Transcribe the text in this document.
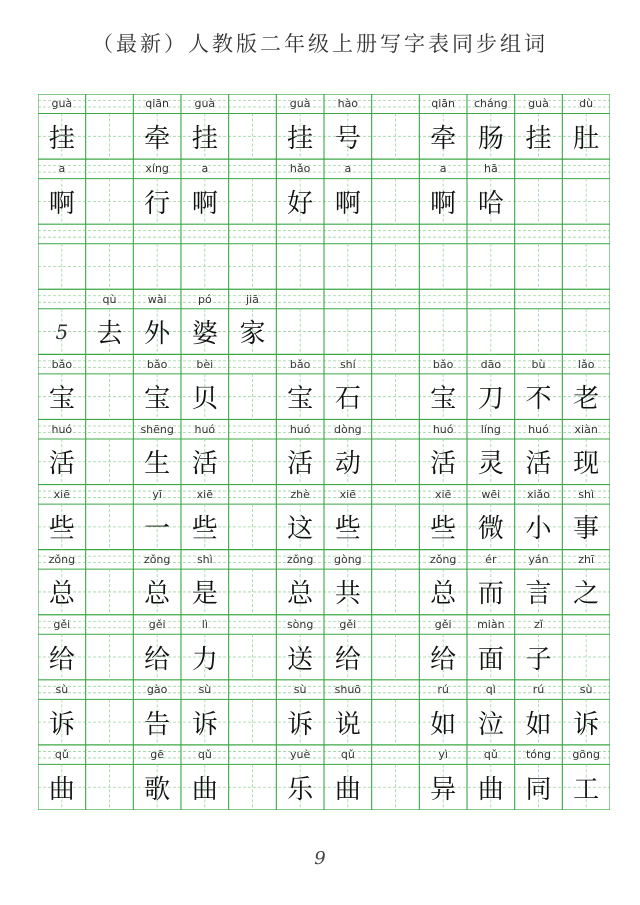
（最新）人教版二年级上册写字表同步组词
guà
挂
qiān
牵
guà
挂
guà
挂
hào
号
qiān
牵
cháng
肠
guà
挂
dù
肚
a
啊
xíng
行
a
啊
hǎo
好
a
啊
a
啊
hā
哈
5
qù
去
wài
外
pó
婆
jiā
家
bǎo
宝
bǎo
宝
bèi
贝
bǎo
宝
shí
石
bǎo
宝
dāo
刀
bù
不
lǎo
老
huó
活
shēng
生
huó
活
huó
活
dòng
动
huó
活
líng
灵
huó
活
xiàn
现
xiē
些
yī
一
xiē
些
zhè
这
xiē
些
xiē
些
wēi
微
xiǎo
小
shì
事
zǒng
总
zǒng
总
shì
是
zǒng
总
gòng
共
zǒng
总
ér
而
yán
言
zhī
之
gěi
给
gěi
给
lì
力
sòng
送
gěi
给
gěi
给
miàn
面
zǐ
子
sù
诉
gào
告
sù
诉
sù
诉
shuō
说
rú
如
qì
泣
rú
如
sù
诉
qǔ
曲
gē
歌
qǔ
曲
yuè
乐
qǔ
曲
yì
异
qǔ
曲
tóng
同
gōng
工
9
